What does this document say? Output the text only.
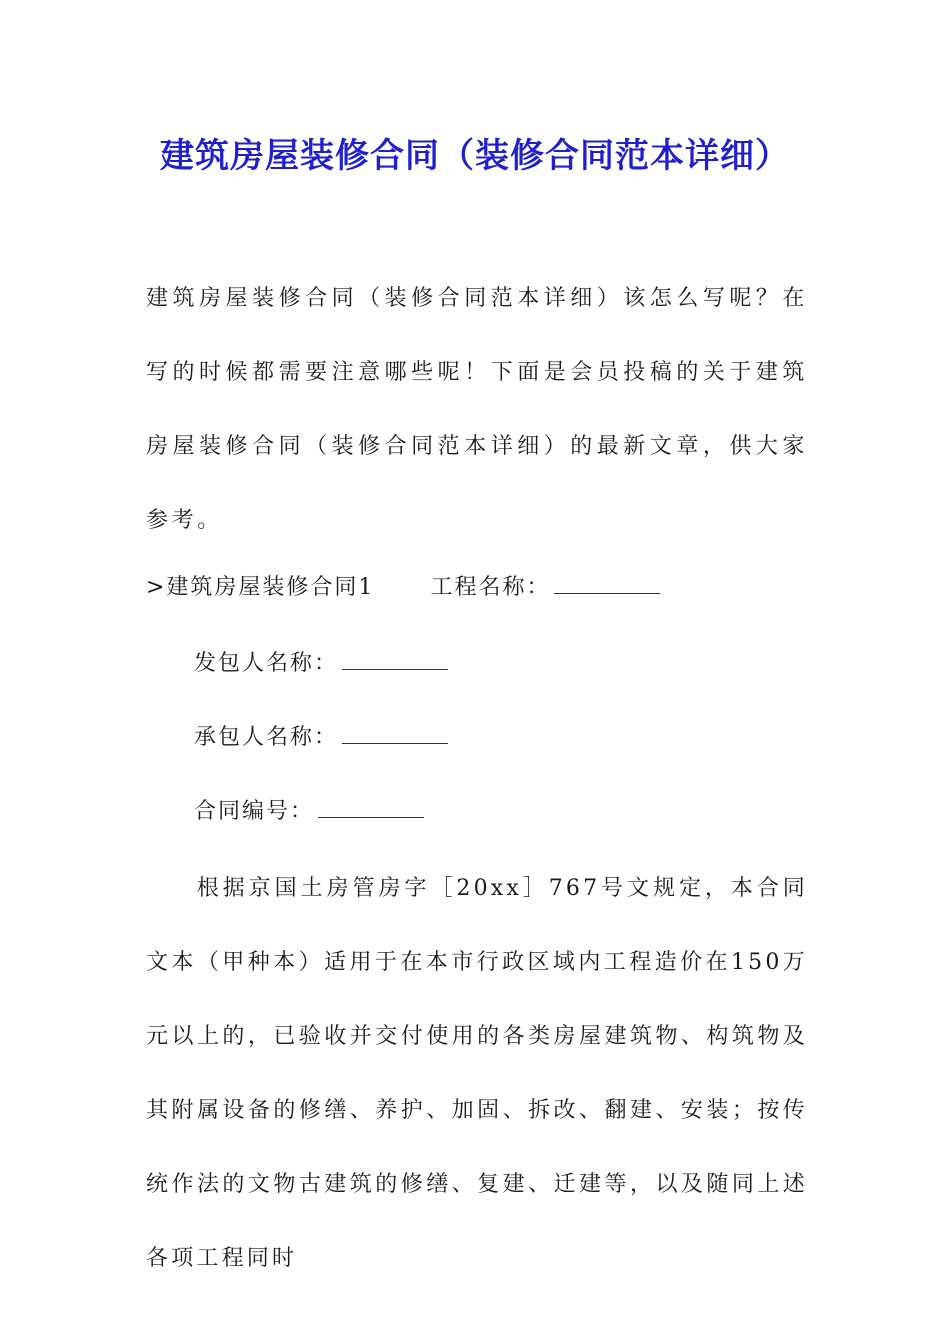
建筑房屋装修合同（装修合同范本详细）
建筑房屋装修合同（装修合同范本详细）该怎么写呢？在写的时候都需要注意哪些呢！下面是会员投稿的关于建筑房屋装修合同（装修合同范本详细）的最新文章，供大家参考。
>建筑房屋装修合同1	工程名称：
发包人名称：
承包人名称：
合同编号：
根据京国土房管房字［20xx］767号文规定，本合同文本（甲种本）适用于在本市行政区域内工程造价在150万元以上的，已验收并交付使用的各类房屋建筑物、构筑物及其附属设备的修缮、养护、加固、拆改、翻建、安装；按传统作法的文物古建筑的修缮、复建、迁建等，以及随同上述各项工程同时
